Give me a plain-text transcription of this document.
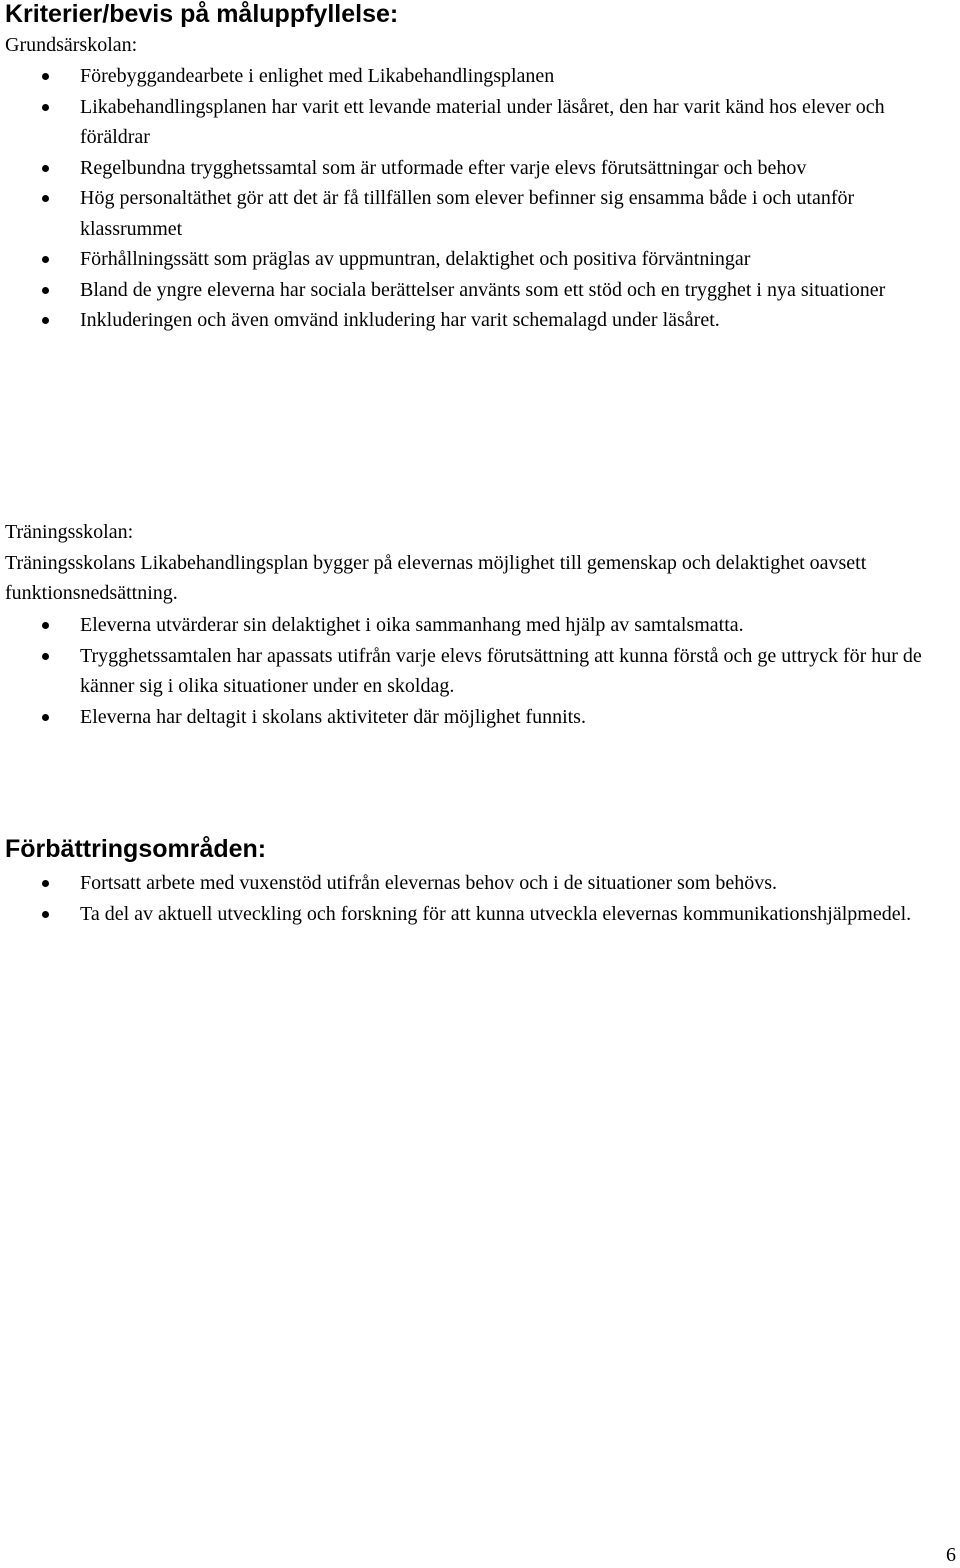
Kriterier/bevis på måluppfyllelse:

Grundsärskolan:

Förebyggandearbete i enlighet med Likabehandlingsplanen
Likabehandlingsplanen har varit ett levande material under läsåret, den har varit känd hos elever och föräldrar
Regelbundna trygghetssamtal som är utformade efter varje elevs förutsättningar och behov
Hög personaltäthet gör att det är få tillfällen som elever befinner sig ensamma både i och utanför klassrummet
Förhållningssätt som präglas av uppmuntran, delaktighet och positiva förväntningar
Bland de yngre eleverna har sociala berättelser använts som ett stöd och en trygghet i nya situationer
Inkluderingen och även omvänd inkludering har varit schemalagd under läsåret.

Träningsskolan:

Träningsskolans Likabehandlingsplan bygger på elevernas möjlighet till gemenskap och delaktighet oavsett funktionsnedsättning.

Eleverna utvärderar sin delaktighet i oika sammanhang med hjälp av samtalsmatta.
Trygghetssamtalen har apassats utifrån varje elevs förutsättning att kunna förstå och ge uttryck för hur de känner sig i olika situationer under en skoldag.
Eleverna har deltagit i skolans aktiviteter där möjlighet funnits.
Förbättringsområden:
Fortsatt arbete med vuxenstöd utifrån elevernas behov och i de situationer som behövs.
Ta del av aktuell utveckling och forskning för att kunna utveckla elevernas kommunikationshjälpmedel.
6
